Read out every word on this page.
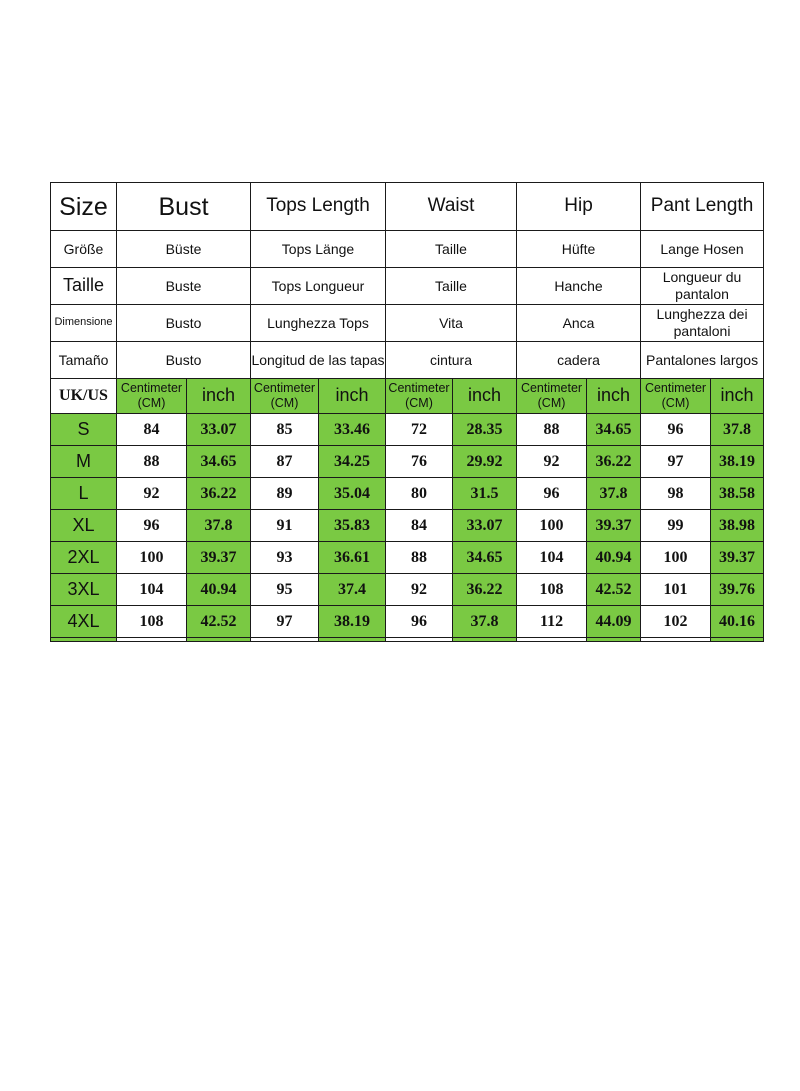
Size	Bust		Tops Length		Waist		Hip		Pant Length	
Größe	Büste		Tops Länge		Taille		Hüfte		Lange Hosen	
Taille	Buste		Tops Longueur		Taille		Hanche		Longueur du pantalon	
Dimensione	Busto		Lunghezza Tops		Vita		Anca		Lunghezza dei pantaloni	
Tamaño	Busto		Longitud de las tapas		cintura		cadera		Pantalones largos	
UK/US	Centimeter (CM)	inch	Centimeter (CM)	inch	Centimeter (CM)	inch	Centimeter (CM)	inch	Centimeter (CM)	inch
S	84	33.07	85	33.46	72	28.35	88	34.65	96	37.8
M	88	34.65	87	34.25	76	29.92	92	36.22	97	38.19
L	92	36.22	89	35.04	80	31.5	96	37.8	98	38.58
XL	96	37.8	91	35.83	84	33.07	100	39.37	99	38.98
2XL	100	39.37	93	36.61	88	34.65	104	40.94	100	39.37
3XL	104	40.94	95	37.4	92	36.22	108	42.52	101	39.76
4XL	108	42.52	97	38.19	96	37.8	112	44.09	102	40.16
